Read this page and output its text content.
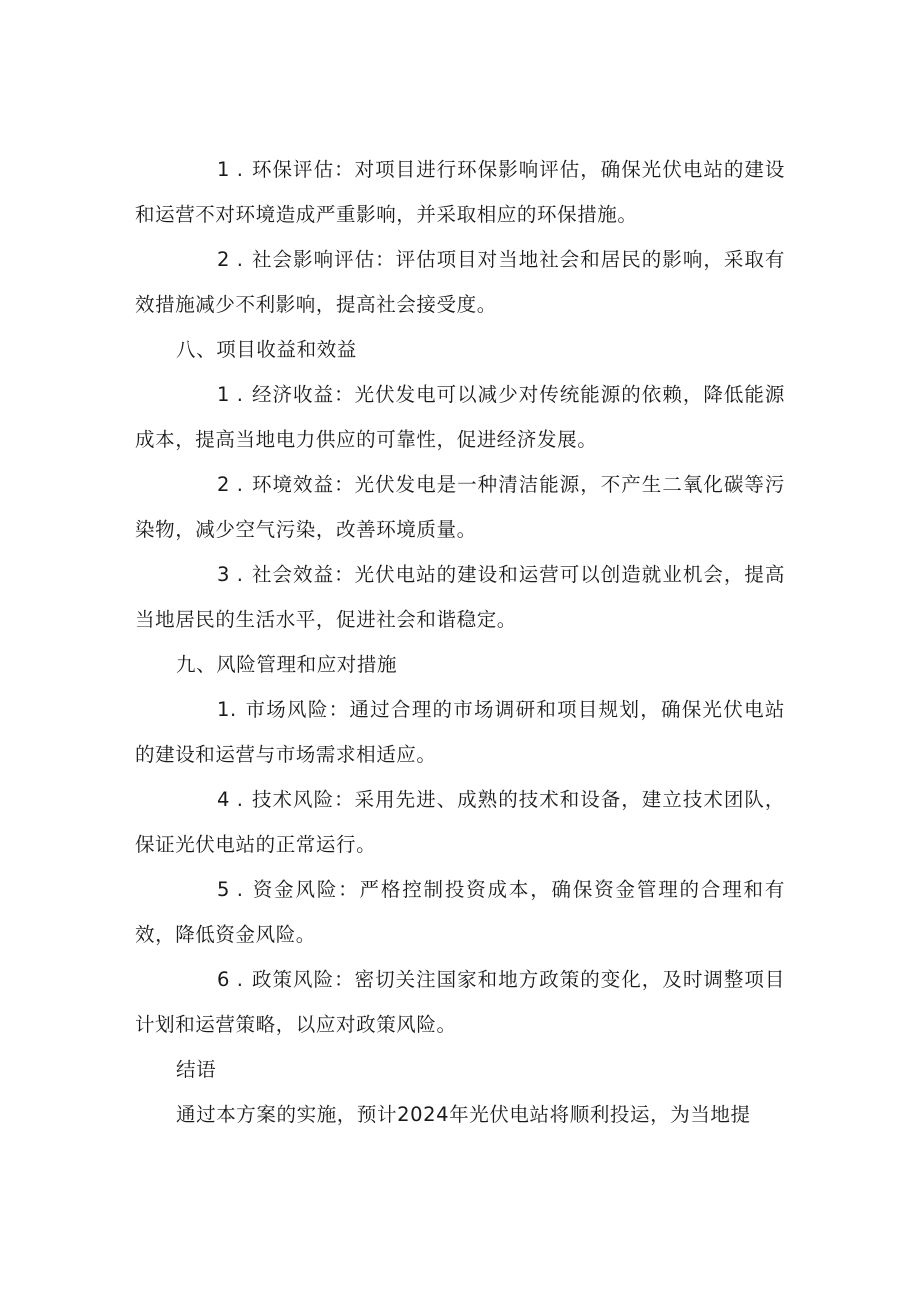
1 . 环保评估：对项目进行环保影响评估，确保光伏电站的建设和运营不对环境造成严重影响，并采取相应的环保措施。

2 . 社会影响评估：评估项目对当地社会和居民的影响，采取有效措施减少不利影响，提高社会接受度。

八、项目收益和效益

1 . 经济收益：光伏发电可以减少对传统能源的依赖，降低能源成本，提高当地电力供应的可靠性，促进经济发展。

2 . 环境效益：光伏发电是一种清洁能源，不产生二氧化碳等污染物，减少空气污染，改善环境质量。

3 . 社会效益：光伏电站的建设和运营可以创造就业机会，提高当地居民的生活水平，促进社会和谐稳定。

九、风险管理和应对措施

1. 市场风险：通过合理的市场调研和项目规划，确保光伏电站的建设和运营与市场需求相适应。

4 . 技术风险：采用先进、成熟的技术和设备，建立技术团队，保证光伏电站的正常运行。

5 . 资金风险：严格控制投资成本，确保资金管理的合理和有效，降低资金风险。

6 . 政策风险：密切关注国家和地方政策的变化，及时调整项目计划和运营策略，以应对政策风险。

结语

通过本方案的实施，预计2024年光伏电站将顺利投运，为当地提
